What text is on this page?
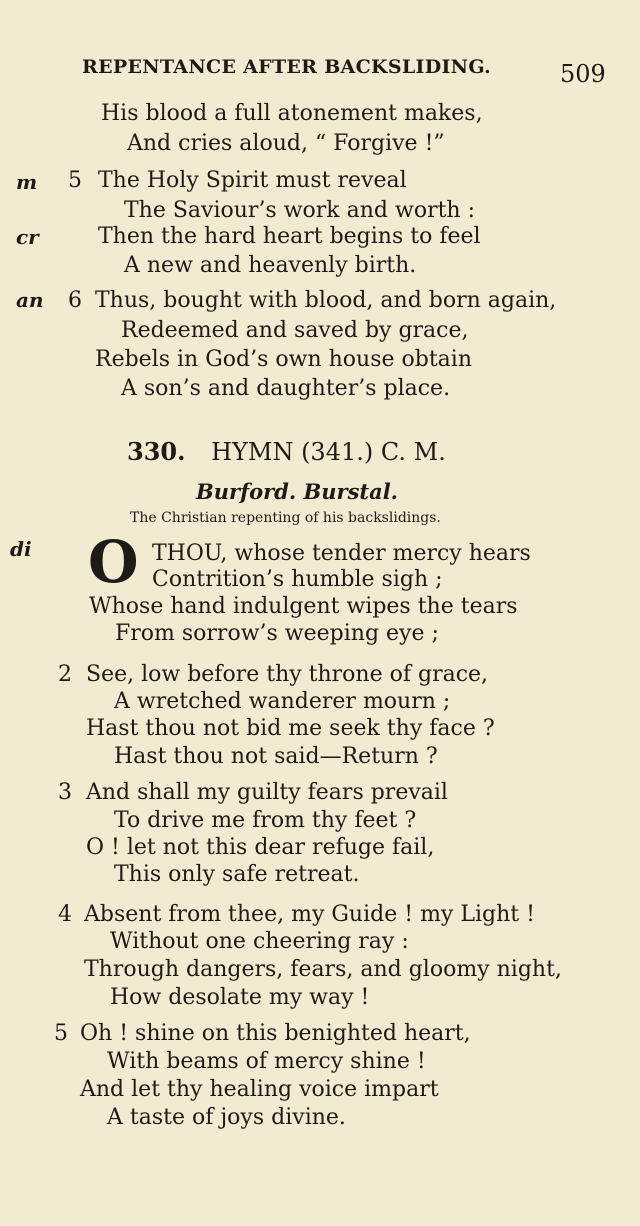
REPENTANCE AFTER BACKSLIDING.	509
His blood a full atonement makes,
And cries aloud, “ Forgive !”
m 5 The Holy Spirit must reveal
The Saviour’s work and worth :
cr	Then the hard heart begins to feel
A new and heavenly birth.
an 6 Thus, bought with blood, and born again,
Redeemed and saved by grace,
Rebels in God’s own house obtain
A son’s and daughter’s place.
330. HYMN (341.) C. M.
Burford. Burstal.
The Christian repenting of his backslidings.
di O THOU, whose tender mercy hears
Contrition’s humble sigh ;
Whose hand indulgent wipes the tears
From sorrow’s weeping eye ;
2 See, low before thy throne of grace,
A wretched wanderer mourn ;
Hast thou not bid me seek thy face ?
Hast thou not said—Return ?
3 And shall my guilty fears prevail
To drive me from thy feet ?
O ! let not this dear refuge fail,
This only safe retreat.
4 Absent from thee, my Guide ! my Light !
Without one cheering ray :
Through dangers, fears, and gloomy night,
How desolate my way !
5 Oh ! shine on this benighted heart,
With beams of mercy shine !
And let thy healing voice impart
A taste of joys divine.
